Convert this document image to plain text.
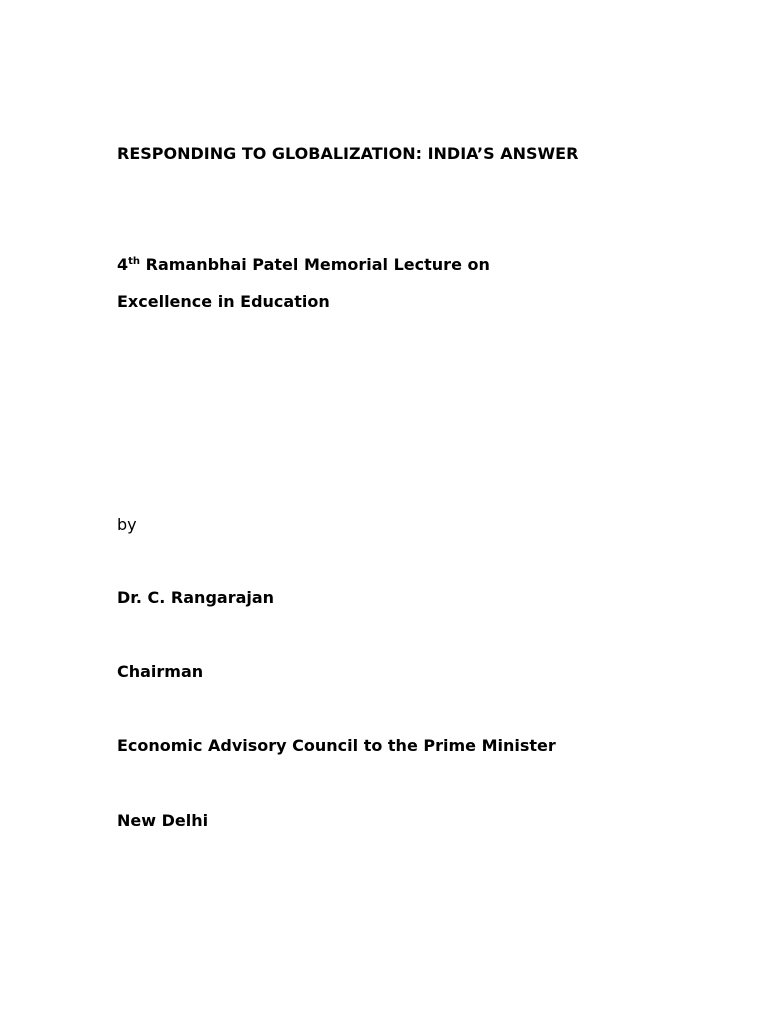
RESPONDING TO GLOBALIZATION: INDIA’S ANSWER
4th Ramanbhai Patel Memorial Lecture on
Excellence in Education
by
Dr. C. Rangarajan
Chairman
Economic Advisory Council to the Prime Minister
New Delhi
